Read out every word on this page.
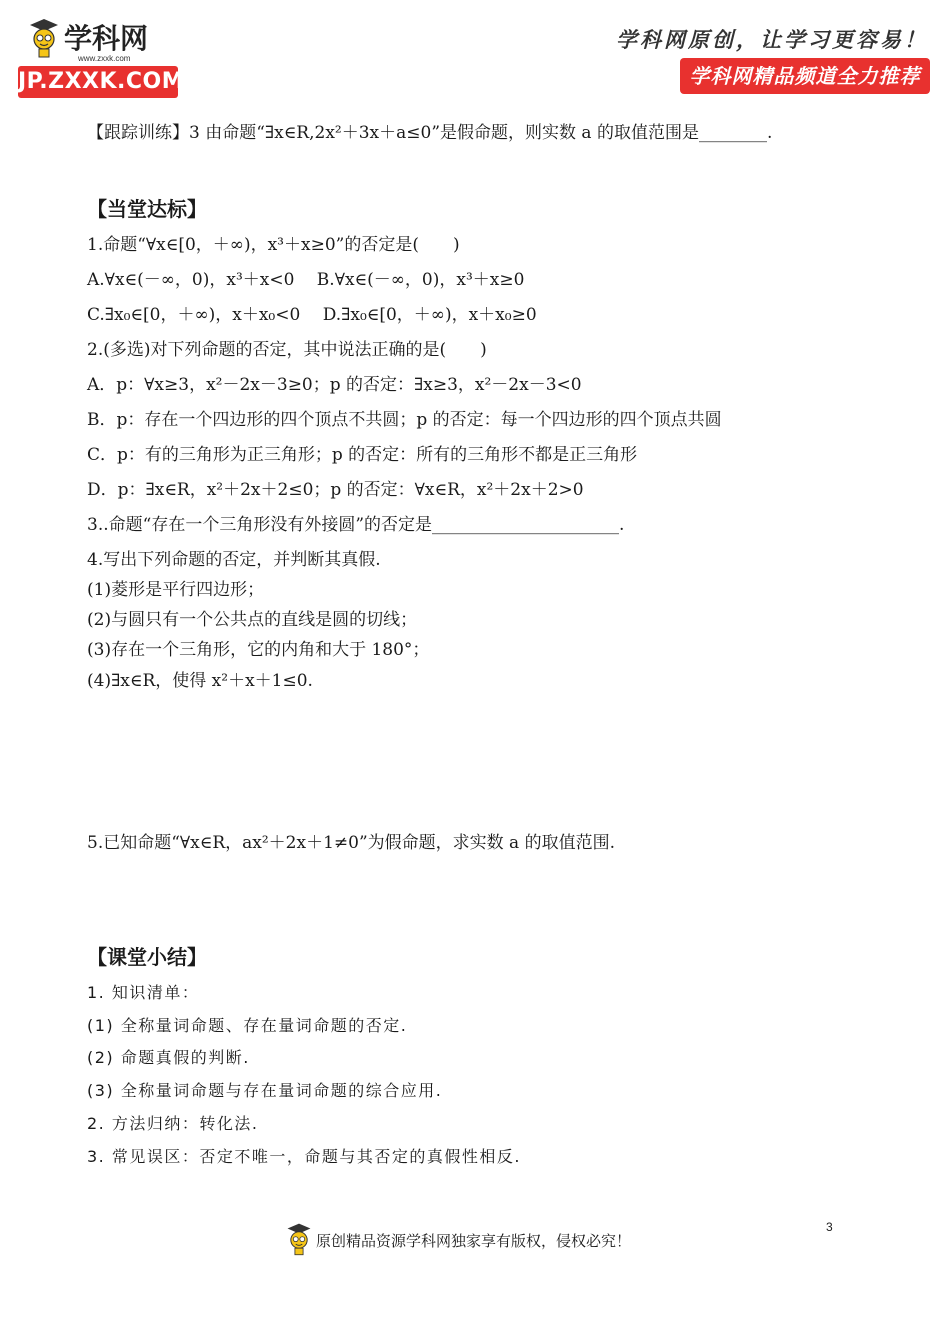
学科网
www.zxxk.com
JP.ZXXK.COM
学科网原创，让学习更容易！
学科网精品频道全力推荐
【跟踪训练】3 由命题“∃x∈R,2x²＋3x＋a≤0”是假命题，则实数 a 的取值范围是________.
【当堂达标】
1.命题“∀x∈[0，＋∞)，x³＋x≥0”的否定是(　　)
A.∀x∈(－∞，0)，x³＋x<0　 B.∀x∈(－∞，0)，x³＋x≥0
C.∃x₀∈[0，＋∞)，x＋x₀<0　 D.∃x₀∈[0，＋∞)，x＋x₀≥0
2.(多选)对下列命题的否定，其中说法正确的是(　　)
A．p：∀x≥3，x²－2x－3≥0；p 的否定：∃x≥3，x²－2x－3<0
B．p：存在一个四边形的四个顶点不共圆；p 的否定：每一个四边形的四个顶点共圆
C．p：有的三角形为正三角形；p 的否定：所有的三角形不都是正三角形
D．p：∃x∈R，x²＋2x＋2≤0；p 的否定：∀x∈R，x²＋2x＋2>0
3..命题“存在一个三角形没有外接圆”的否定是______________________.
4.写出下列命题的否定，并判断其真假.
(1)菱形是平行四边形；
(2)与圆只有一个公共点的直线是圆的切线；
(3)存在一个三角形，它的内角和大于 180°；
(4)∃x∈R，使得 x²＋x＋1≤0.
5.已知命题“∀x∈R，ax²＋2x＋1≠0”为假命题，求实数 a 的取值范围.
【课堂小结】
1. 知识清单：
(1) 全称量词命题、存在量词命题的否定.
(2) 命题真假的判断.
(3) 全称量词命题与存在量词命题的综合应用.
2. 方法归纳：转化法.
3. 常见误区：否定不唯一，命题与其否定的真假性相反.
3
原创精品资源学科网独家享有版权，侵权必究！
